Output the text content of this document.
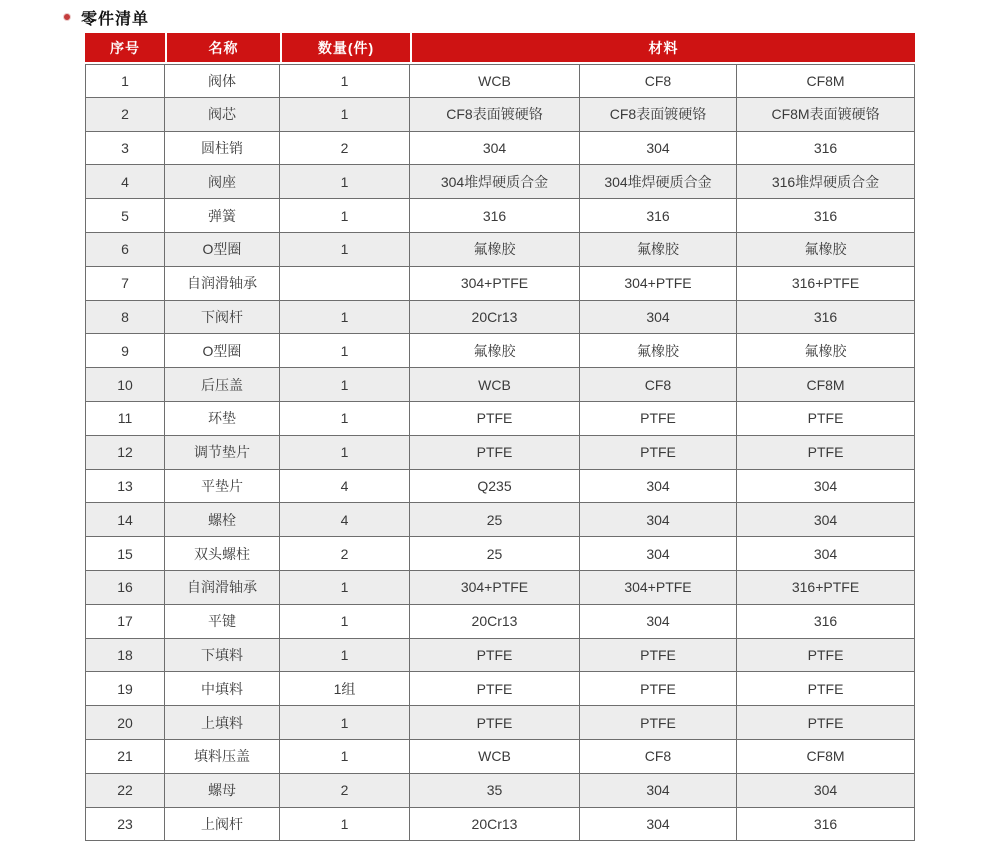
零件清单
序号	名称	数量(件)	材料		
1	阀体	1	WCB	CF8	CF8M
2	阀芯	1	CF8表面镀硬铬	CF8表面镀硬铬	CF8M表面镀硬铬
3	圆柱销	2	304	304	316
4	阀座	1	304堆焊硬质合金	304堆焊硬质合金	316堆焊硬质合金
5	弹簧	1	316	316	316
6	O型圈	1	氟橡胶	氟橡胶	氟橡胶
7	自润滑轴承		304+PTFE	304+PTFE	316+PTFE
8	下阀杆	1	20Cr13	304	316
9	O型圈	1	氟橡胶	氟橡胶	氟橡胶
10	后压盖	1	WCB	CF8	CF8M
11	环垫	1	PTFE	PTFE	PTFE
12	调节垫片	1	PTFE	PTFE	PTFE
13	平垫片	4	Q235	304	304
14	螺栓	4	25	304	304
15	双头螺柱	2	25	304	304
16	自润滑轴承	1	304+PTFE	304+PTFE	316+PTFE
17	平键	1	20Cr13	304	316
18	下填料	1	PTFE	PTFE	PTFE
19	中填料	1组	PTFE	PTFE	PTFE
20	上填料	1	PTFE	PTFE	PTFE
21	填料压盖	1	WCB	CF8	CF8M
22	螺母	2	35	304	304
23	上阀杆	1	20Cr13	304	316
